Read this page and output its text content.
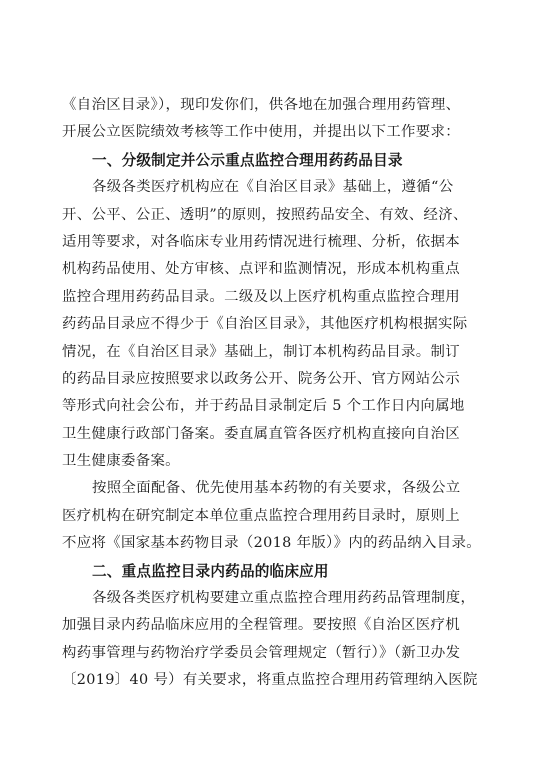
《自治区目录》），现印发你们，供各地在加强合理用药管理、
开展公立医院绩效考核等工作中使用，并提出以下工作要求：
一、分级制定并公示重点监控合理用药药品目录
各级各类医疗机构应在《自治区目录》基础上，遵循“公
开、公平、公正、透明”的原则，按照药品安全、有效、经济、
适用等要求，对各临床专业用药情况进行梳理、分析，依据本
机构药品使用、处方审核、点评和监测情况，形成本机构重点
监控合理用药药品目录。二级及以上医疗机构重点监控合理用
药药品目录应不得少于《自治区目录》，其他医疗机构根据实际
情况，在《自治区目录》基础上，制订本机构药品目录。制订
的药品目录应按照要求以政务公开、院务公开、官方网站公示
等形式向社会公布，并于药品目录制定后 5 个工作日内向属地
卫生健康行政部门备案。委直属直管各医疗机构直接向自治区
卫生健康委备案。
按照全面配备、优先使用基本药物的有关要求，各级公立
医疗机构在研究制定本单位重点监控合理用药目录时，原则上
不应将《国家基本药物目录（2018 年版）》内的药品纳入目录。
二、重点监控目录内药品的临床应用
各级各类医疗机构要建立重点监控合理用药药品管理制度，
加强目录内药品临床应用的全程管理。要按照《自治区医疗机
构药事管理与药物治疗学委员会管理规定（暂行）》（新卫办发
〔2019〕40 号）有关要求，将重点监控合理用药管理纳入医院
